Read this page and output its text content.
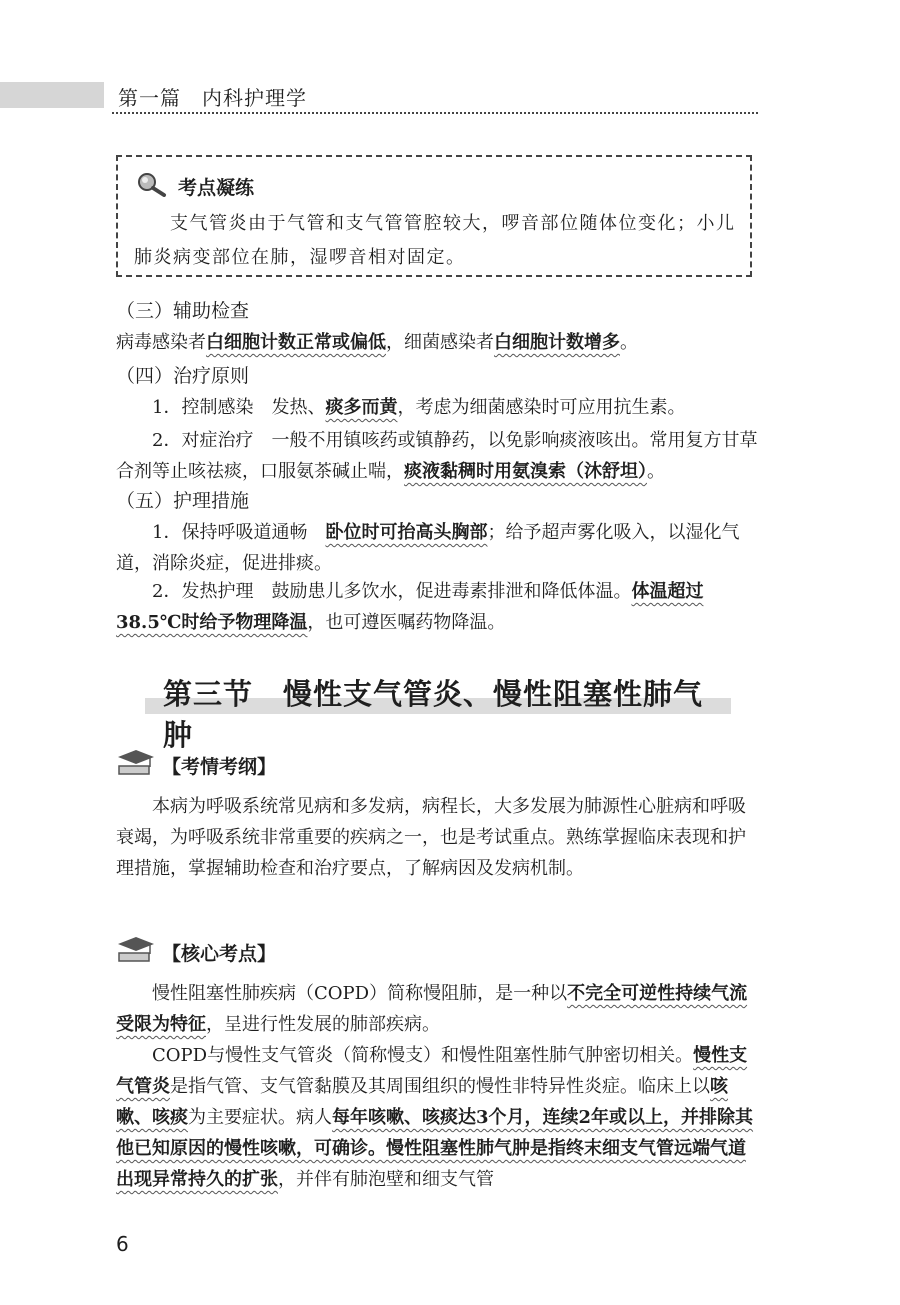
第一篇　内科护理学
考点凝练
支气管炎由于气管和支气管管腔较大，啰音部位随体位变化；小儿肺炎病变部位在肺，湿啰音相对固定。
（三）辅助检查
病毒感染者白细胞计数正常或偏低，细菌感染者白细胞计数增多。
（四）治疗原则
1．控制感染　发热、痰多而黄，考虑为细菌感染时可应用抗生素。
2．对症治疗　一般不用镇咳药或镇静药，以免影响痰液咳出。常用复方甘草合剂等止咳祛痰，口服氨茶碱止喘，痰液黏稠时用氨溴索（沐舒坦）。
（五）护理措施
1．保持呼吸道通畅　卧位时可抬高头胸部；给予超声雾化吸入，以湿化气道，消除炎症，促进排痰。
2．发热护理　鼓励患儿多饮水，促进毒素排泄和降低体温。体温超过38.5℃时给予物理降温，也可遵医嘱药物降温。
第三节　慢性支气管炎、慢性阻塞性肺气肿
【考情考纲】
本病为呼吸系统常见病和多发病，病程长，大多发展为肺源性心脏病和呼吸衰竭，为呼吸系统非常重要的疾病之一，也是考试重点。熟练掌握临床表现和护理措施，掌握辅助检查和治疗要点，了解病因及发病机制。
【核心考点】
慢性阻塞性肺疾病（COPD）简称慢阻肺，是一种以不完全可逆性持续气流受限为特征，呈进行性发展的肺部疾病。
COPD与慢性支气管炎（简称慢支）和慢性阻塞性肺气肿密切相关。慢性支气管炎是指气管、支气管黏膜及其周围组织的慢性非特异性炎症。临床上以咳嗽、咳痰为主要症状。病人每年咳嗽、咳痰达3个月，连续2年或以上，并排除其他已知原因的慢性咳嗽，可确诊。慢性阻塞性肺气肿是指终末细支气管远端气道出现异常持久的扩张，并伴有肺泡壁和细支气管
6
